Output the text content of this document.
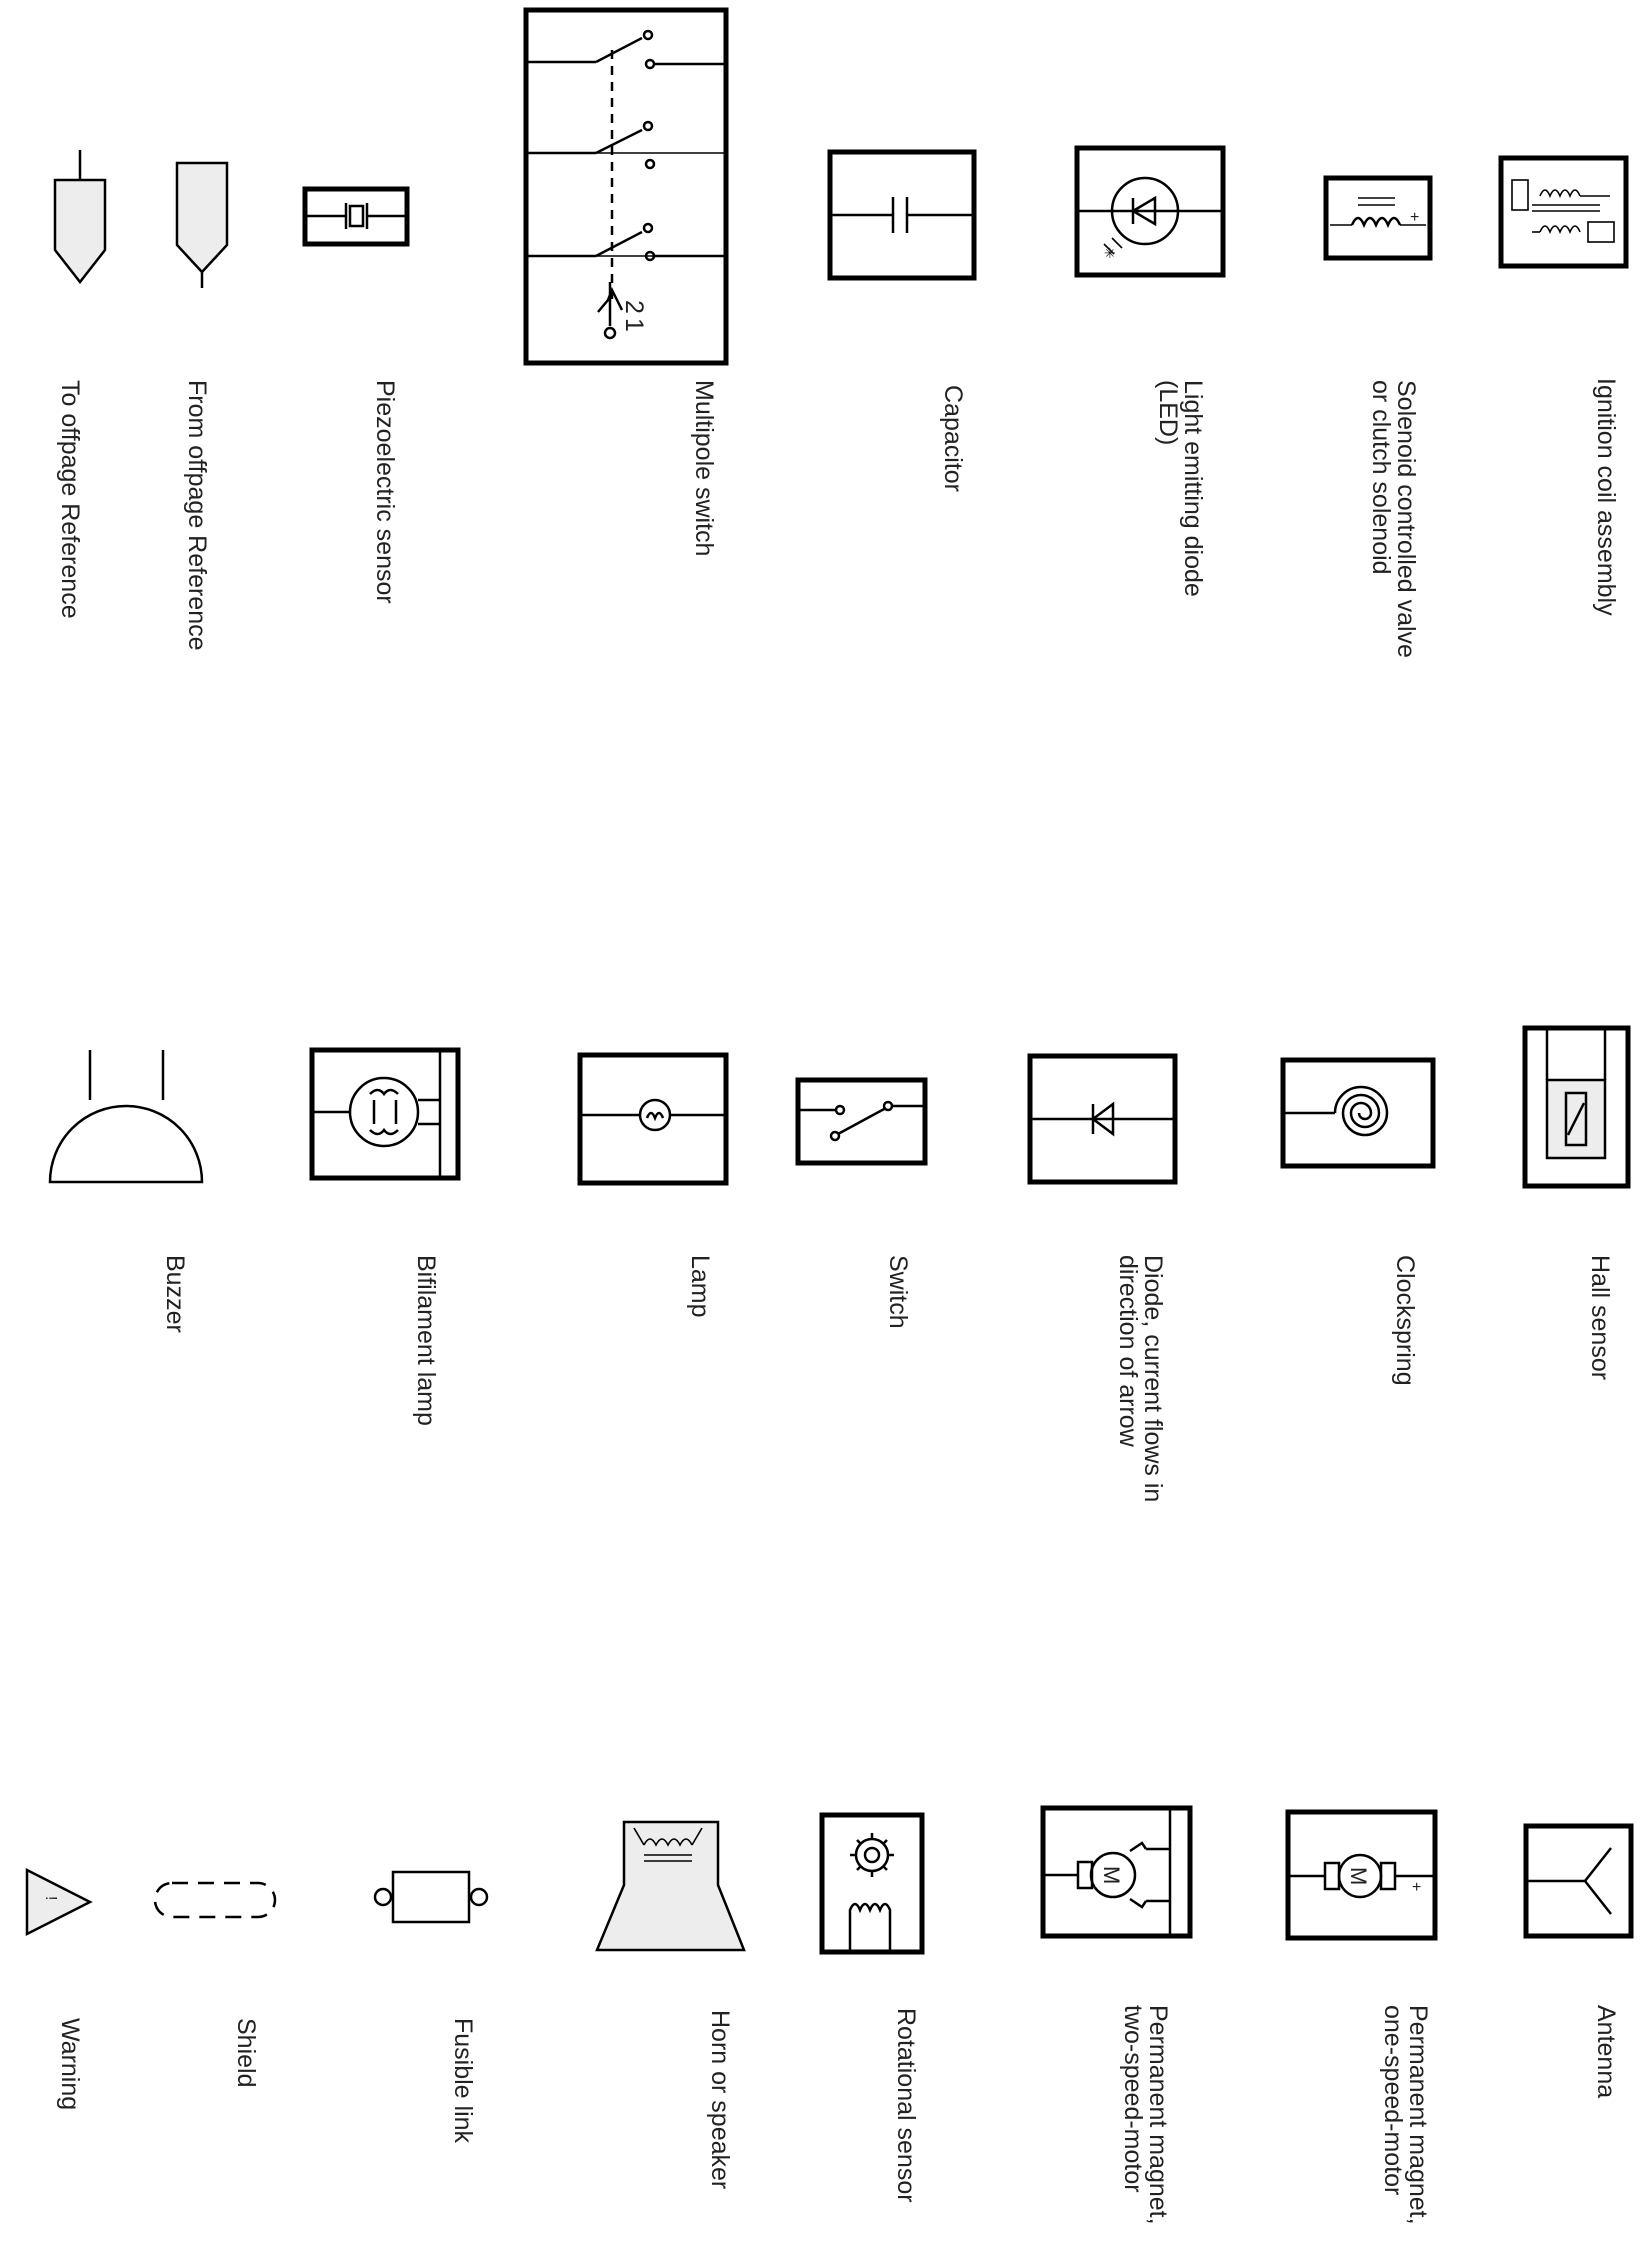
To offpage Reference	From offpage Reference	Piezoelectric sensor
2
1
Multipole switch	Capacitor
✳
Light emitting diode
(LED)
+
Solenoid controlled valve
or clutch solenoid	Ignition coil assembly
Buzzer	Bifilament lamp	Lamp	Switch	Diode, current flows in
direction of arrow	Clockspring	Hall sensor
!
Warning	Shield	Fusible link	Horn or speaker	Rotational sensor
M
Permanent magnet,
two-speed-motor
M
+
Permanent magnet,
one-speed-motor	Antenna
